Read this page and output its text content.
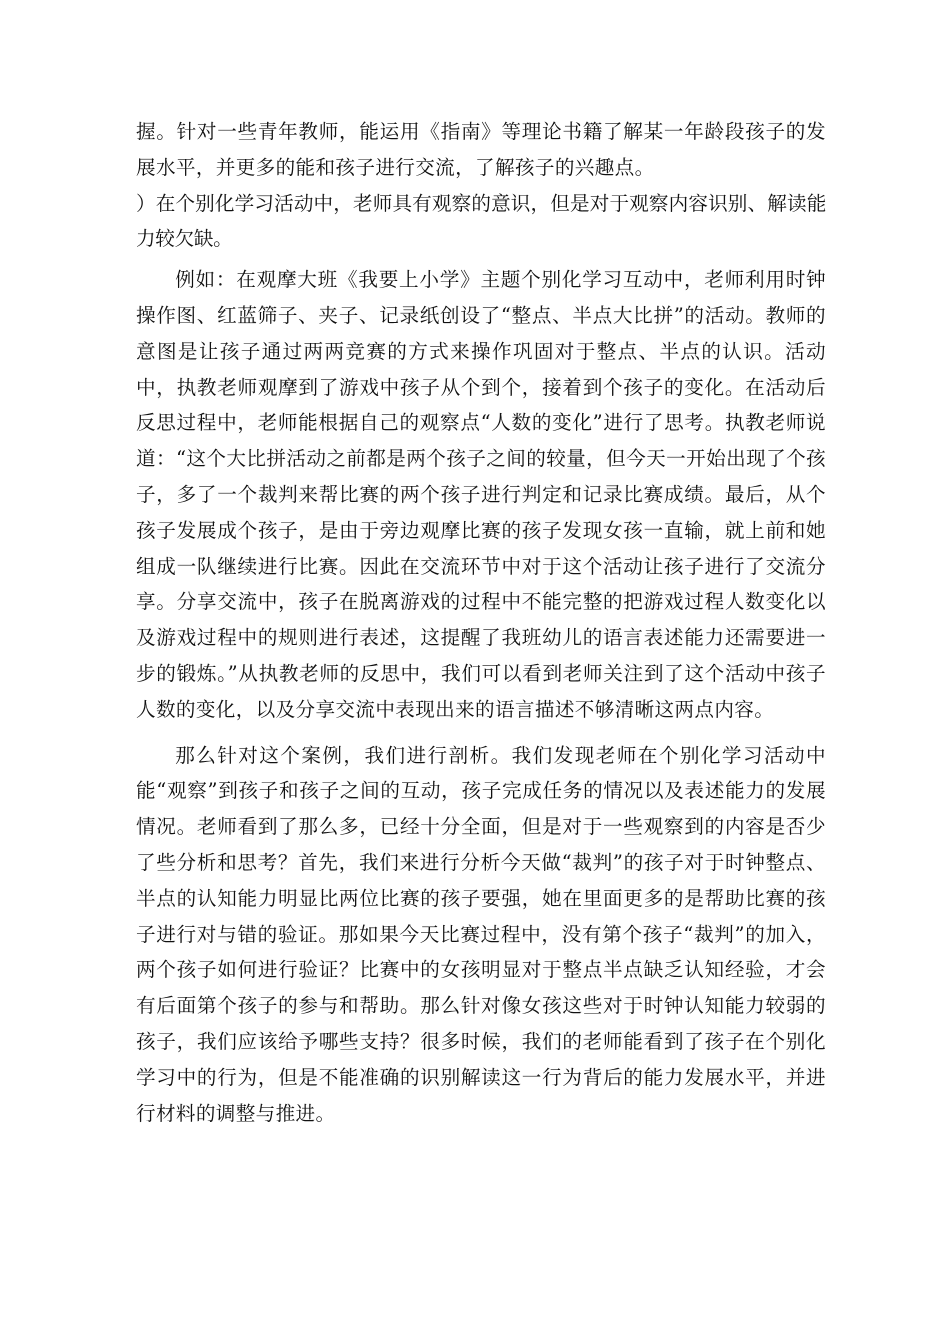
握。针对一些青年教师，能运用《指南》等理论书籍了解某一年龄段孩子的发展水平，并更多的能和孩子进行交流，了解孩子的兴趣点。

）在个别化学习活动中，老师具有观察的意识，但是对于观察内容识别、解读能力较欠缺。

例如：在观摩大班《我要上小学》主题个别化学习互动中，老师利用时钟操作图、红蓝筛子、夹子、记录纸创设了“整点、半点大比拼”的活动。教师的意图是让孩子通过两两竞赛的方式来操作巩固对于整点、半点的认识。活动中，执教老师观摩到了游戏中孩子从个到个，接着到个孩子的变化。在活动后反思过程中，老师能根据自己的观察点“人数的变化”进行了思考。执教老师说道：“这个大比拼活动之前都是两个孩子之间的较量，但今天一开始出现了个孩子，多了一个裁判来帮比赛的两个孩子进行判定和记录比赛成绩。最后，从个孩子发展成个孩子，是由于旁边观摩比赛的孩子发现女孩一直输，就上前和她组成一队继续进行比赛。因此在交流环节中对于这个活动让孩子进行了交流分享。分享交流中，孩子在脱离游戏的过程中不能完整的把游戏过程人数变化以及游戏过程中的规则进行表述，这提醒了我班幼儿的语言表述能力还需要进一步的锻炼。”从执教老师的反思中，我们可以看到老师关注到了这个活动中孩子人数的变化，以及分享交流中表现出来的语言描述不够清晰这两点内容。

那么针对这个案例，我们进行剖析。我们发现老师在个别化学习活动中能“观察”到孩子和孩子之间的互动，孩子完成任务的情况以及表述能力的发展情况。老师看到了那么多，已经十分全面，但是对于一些观察到的内容是否少了些分析和思考？首先，我们来进行分析今天做“裁判”的孩子对于时钟整点、半点的认知能力明显比两位比赛的孩子要强，她在里面更多的是帮助比赛的孩子进行对与错的验证。那如果今天比赛过程中，没有第个孩子“裁判”的加入，两个孩子如何进行验证？比赛中的女孩明显对于整点半点缺乏认知经验，才会有后面第个孩子的参与和帮助。那么针对像女孩这些对于时钟认知能力较弱的孩子，我们应该给予哪些支持？很多时候，我们的老师能看到了孩子在个别化学习中的行为，但是不能准确的识别解读这一行为背后的能力发展水平，并进行材料的调整与推进。
